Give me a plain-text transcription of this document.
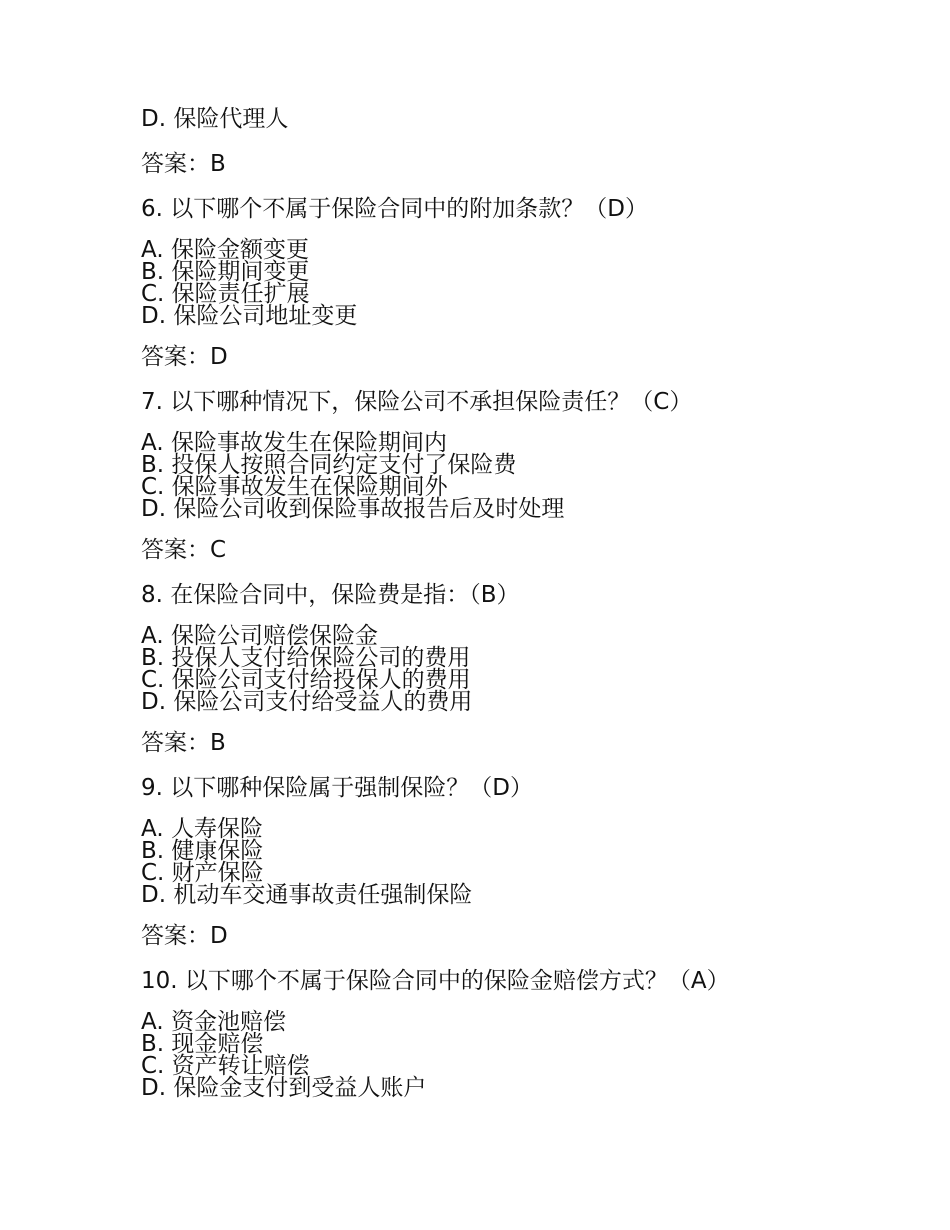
D. 保险代理人
答案：B
6. 以下哪个不属于保险合同中的附加条款？（D）
A. 保险金额变更
B. 保险期间变更
C. 保险责任扩展
D. 保险公司地址变更
答案：D
7. 以下哪种情况下，保险公司不承担保险责任？（C）
A. 保险事故发生在保险期间内
B. 投保人按照合同约定支付了保险费
C. 保险事故发生在保险期间外
D. 保险公司收到保险事故报告后及时处理
答案：C
8. 在保险合同中，保险费是指：（B）
A. 保险公司赔偿保险金
B. 投保人支付给保险公司的费用
C. 保险公司支付给投保人的费用
D. 保险公司支付给受益人的费用
答案：B
9. 以下哪种保险属于强制保险？（D）
A. 人寿保险
B. 健康保险
C. 财产保险
D. 机动车交通事故责任强制保险
答案：D
10. 以下哪个不属于保险合同中的保险金赔偿方式？（A）
A. 资金池赔偿
B. 现金赔偿
C. 资产转让赔偿
D. 保险金支付到受益人账户
